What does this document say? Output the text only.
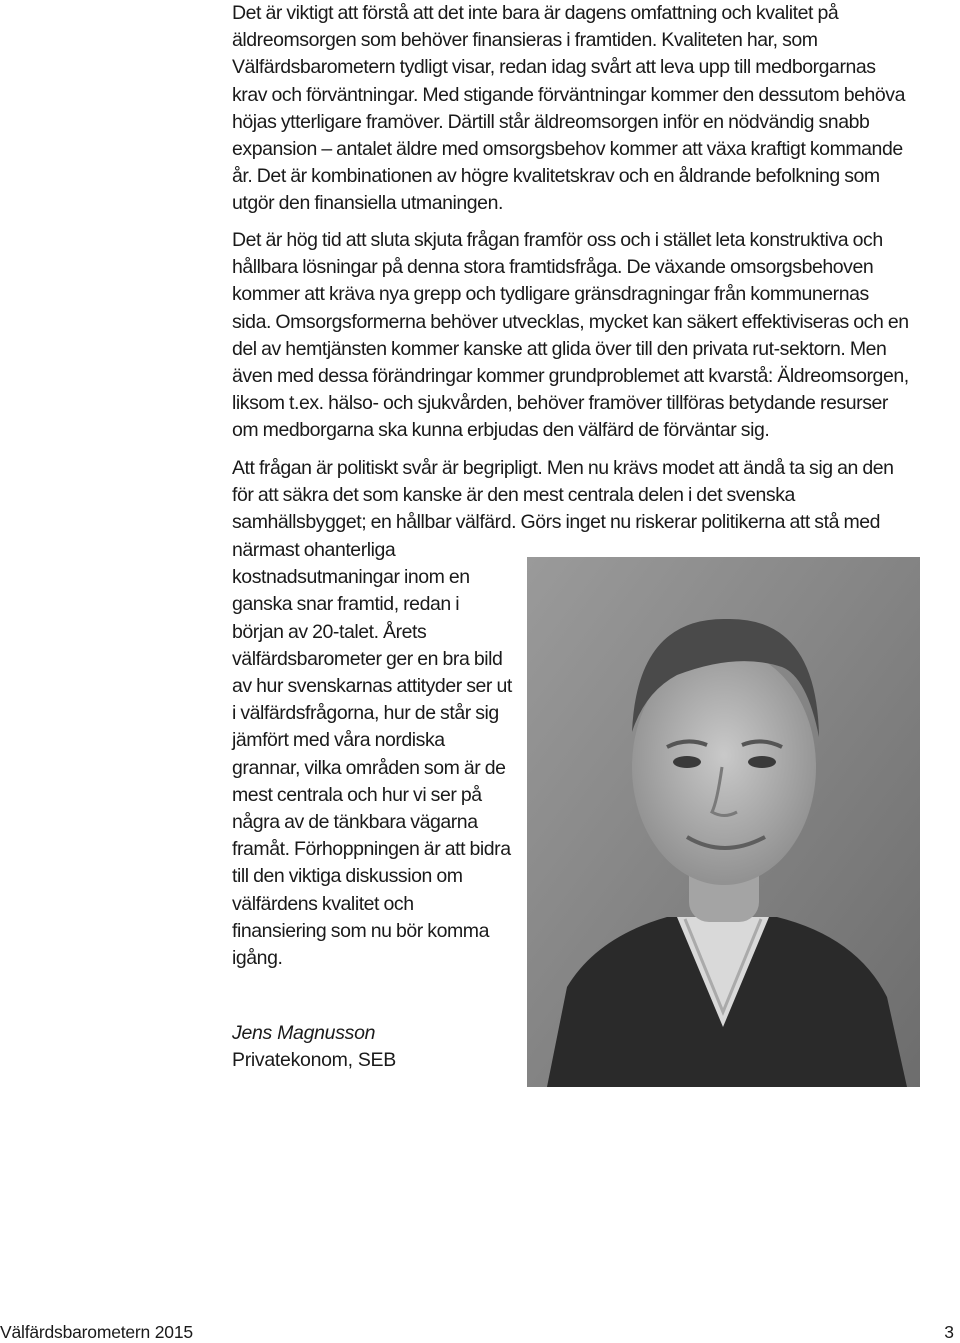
Det är viktigt att förstå att det inte bara är dagens omfattning och kvalitet på äldreomsorgen som behöver finansieras i framtiden. Kvaliteten har, som Välfärdsbarometern tydligt visar, redan idag svårt att leva upp till medborgarnas krav och förväntningar. Med stigande förväntningar kommer den dessutom behöva höjas ytterligare framöver. Därtill står äldreomsorgen inför en nödvändig snabb expansion – antalet äldre med omsorgsbehov kommer att växa kraftigt kommande år. Det är kombinationen av högre kvalitetskrav och en åldrande befolkning som utgör den finansiella utmaningen.
Det är hög tid att sluta skjuta frågan framför oss och i stället leta konstruktiva och hållbara lösningar på denna stora framtidsfråga. De växande omsorgsbehoven kommer att kräva nya grepp och tydligare gränsdragningar från kommunernas sida. Omsorgsformerna behöver utvecklas, mycket kan säkert effektiviseras och en del av hemtjänsten kommer kanske att glida över till den privata rut-sektorn. Men även med dessa förändringar kommer grundproblemet att kvarstå: Äldreomsorgen, liksom t.ex. hälso- och sjukvården, behöver framöver tillföras betydande resurser om medborgarna ska kunna erbjudas den välfärd de förväntar sig.
Att frågan är politiskt svår är begripligt. Men nu krävs modet att ändå ta sig an den för att säkra det som kanske är den mest centrala delen i det svenska samhällsbygget; en hållbar välfärd. Görs inget nu riskerar politikerna att stå med
närmast ohanterliga kostnadsutmaningar inom en ganska snar framtid, redan i början av 20-talet. Årets välfärdsbarometer ger en bra bild av hur svenskarnas attityder ser ut i välfärdsfrågorna, hur de står sig jämfört med våra nordiska grannar, vilka områden som är de mest centrala och hur vi ser på några av de tänkbara vägarna framåt. Förhoppningen är att bidra till den viktiga diskussion om välfärdens kvalitet och finansiering som nu bör komma igång.
Jens Magnusson
Privatekonom, SEB
Välfärdsbarometern 2015	3
